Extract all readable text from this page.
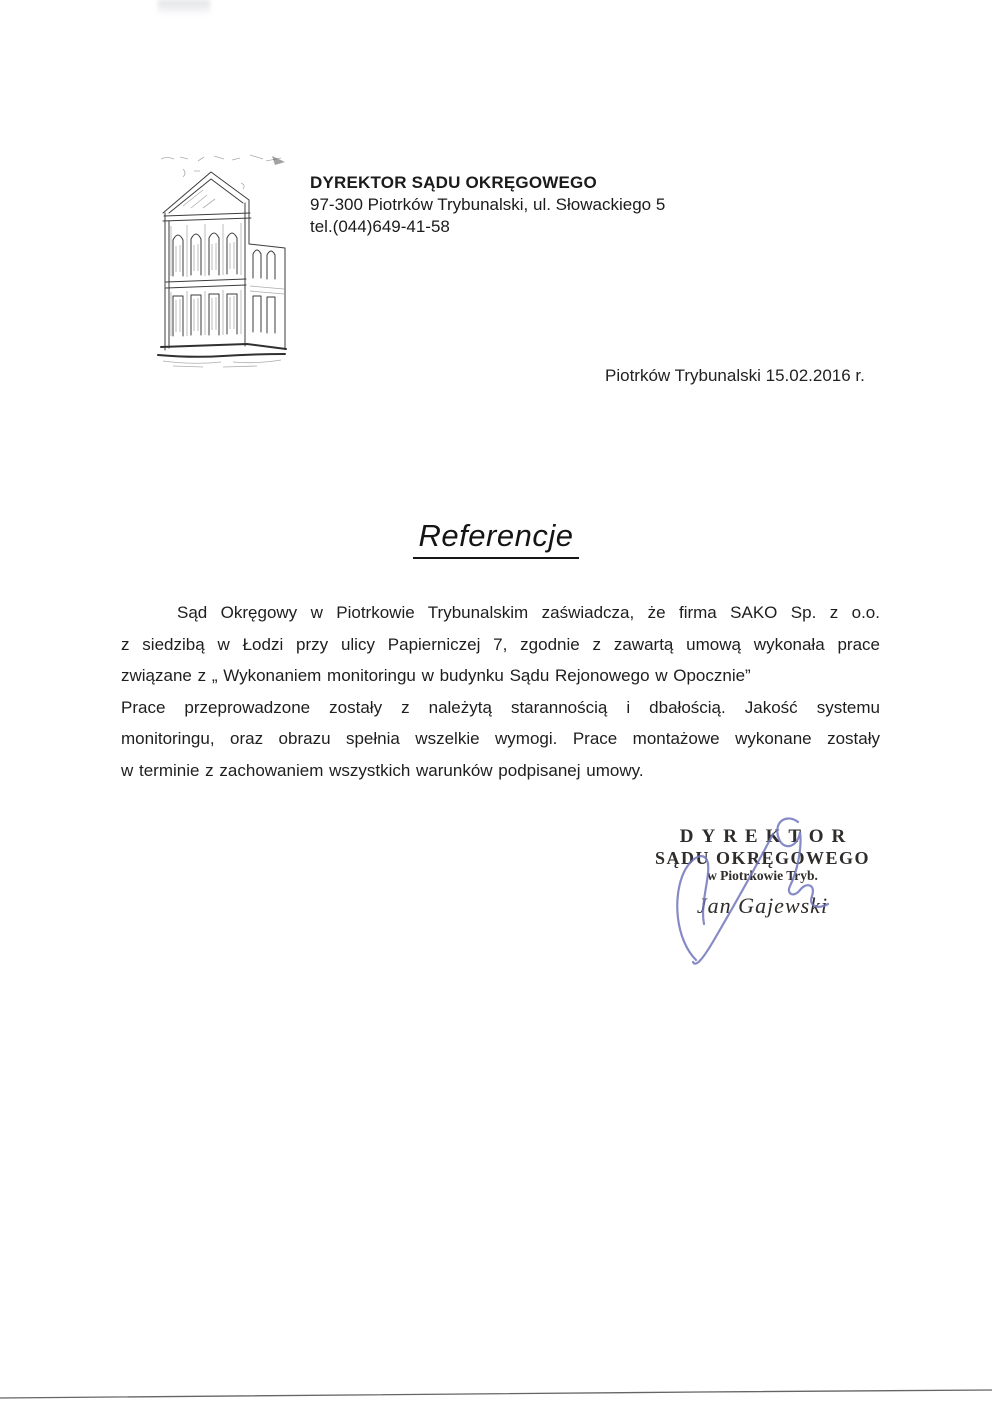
DYREKTOR SĄDU OKRĘGOWEGO
97-300 Piotrków Trybunalski, ul. Słowackiego 5
tel.(044)649-41-58
Piotrków Trybunalski 15.02.2016 r.
Referencje
Sąd Okręgowy w Piotrkowie Trybunalskim zaświadcza, że firma SAKO Sp. z o.o.
z siedzibą w Łodzi przy ulicy Papierniczej 7, zgodnie z zawartą umową wykonała prace
związane z „ Wykonaniem monitoringu w budynku Sądu Rejonowego w Opocznie”
Prace przeprowadzone zostały z należytą starannością i dbałością. Jakość systemu
monitoringu, oraz obrazu spełnia wszelkie wymogi. Prace montażowe wykonane zostały
w terminie z zachowaniem wszystkich warunków podpisanej umowy.
DYREKTOR
SĄDU OKRĘGOWEGO
w Piotrkowie Tryb.
Jan Gajewski
